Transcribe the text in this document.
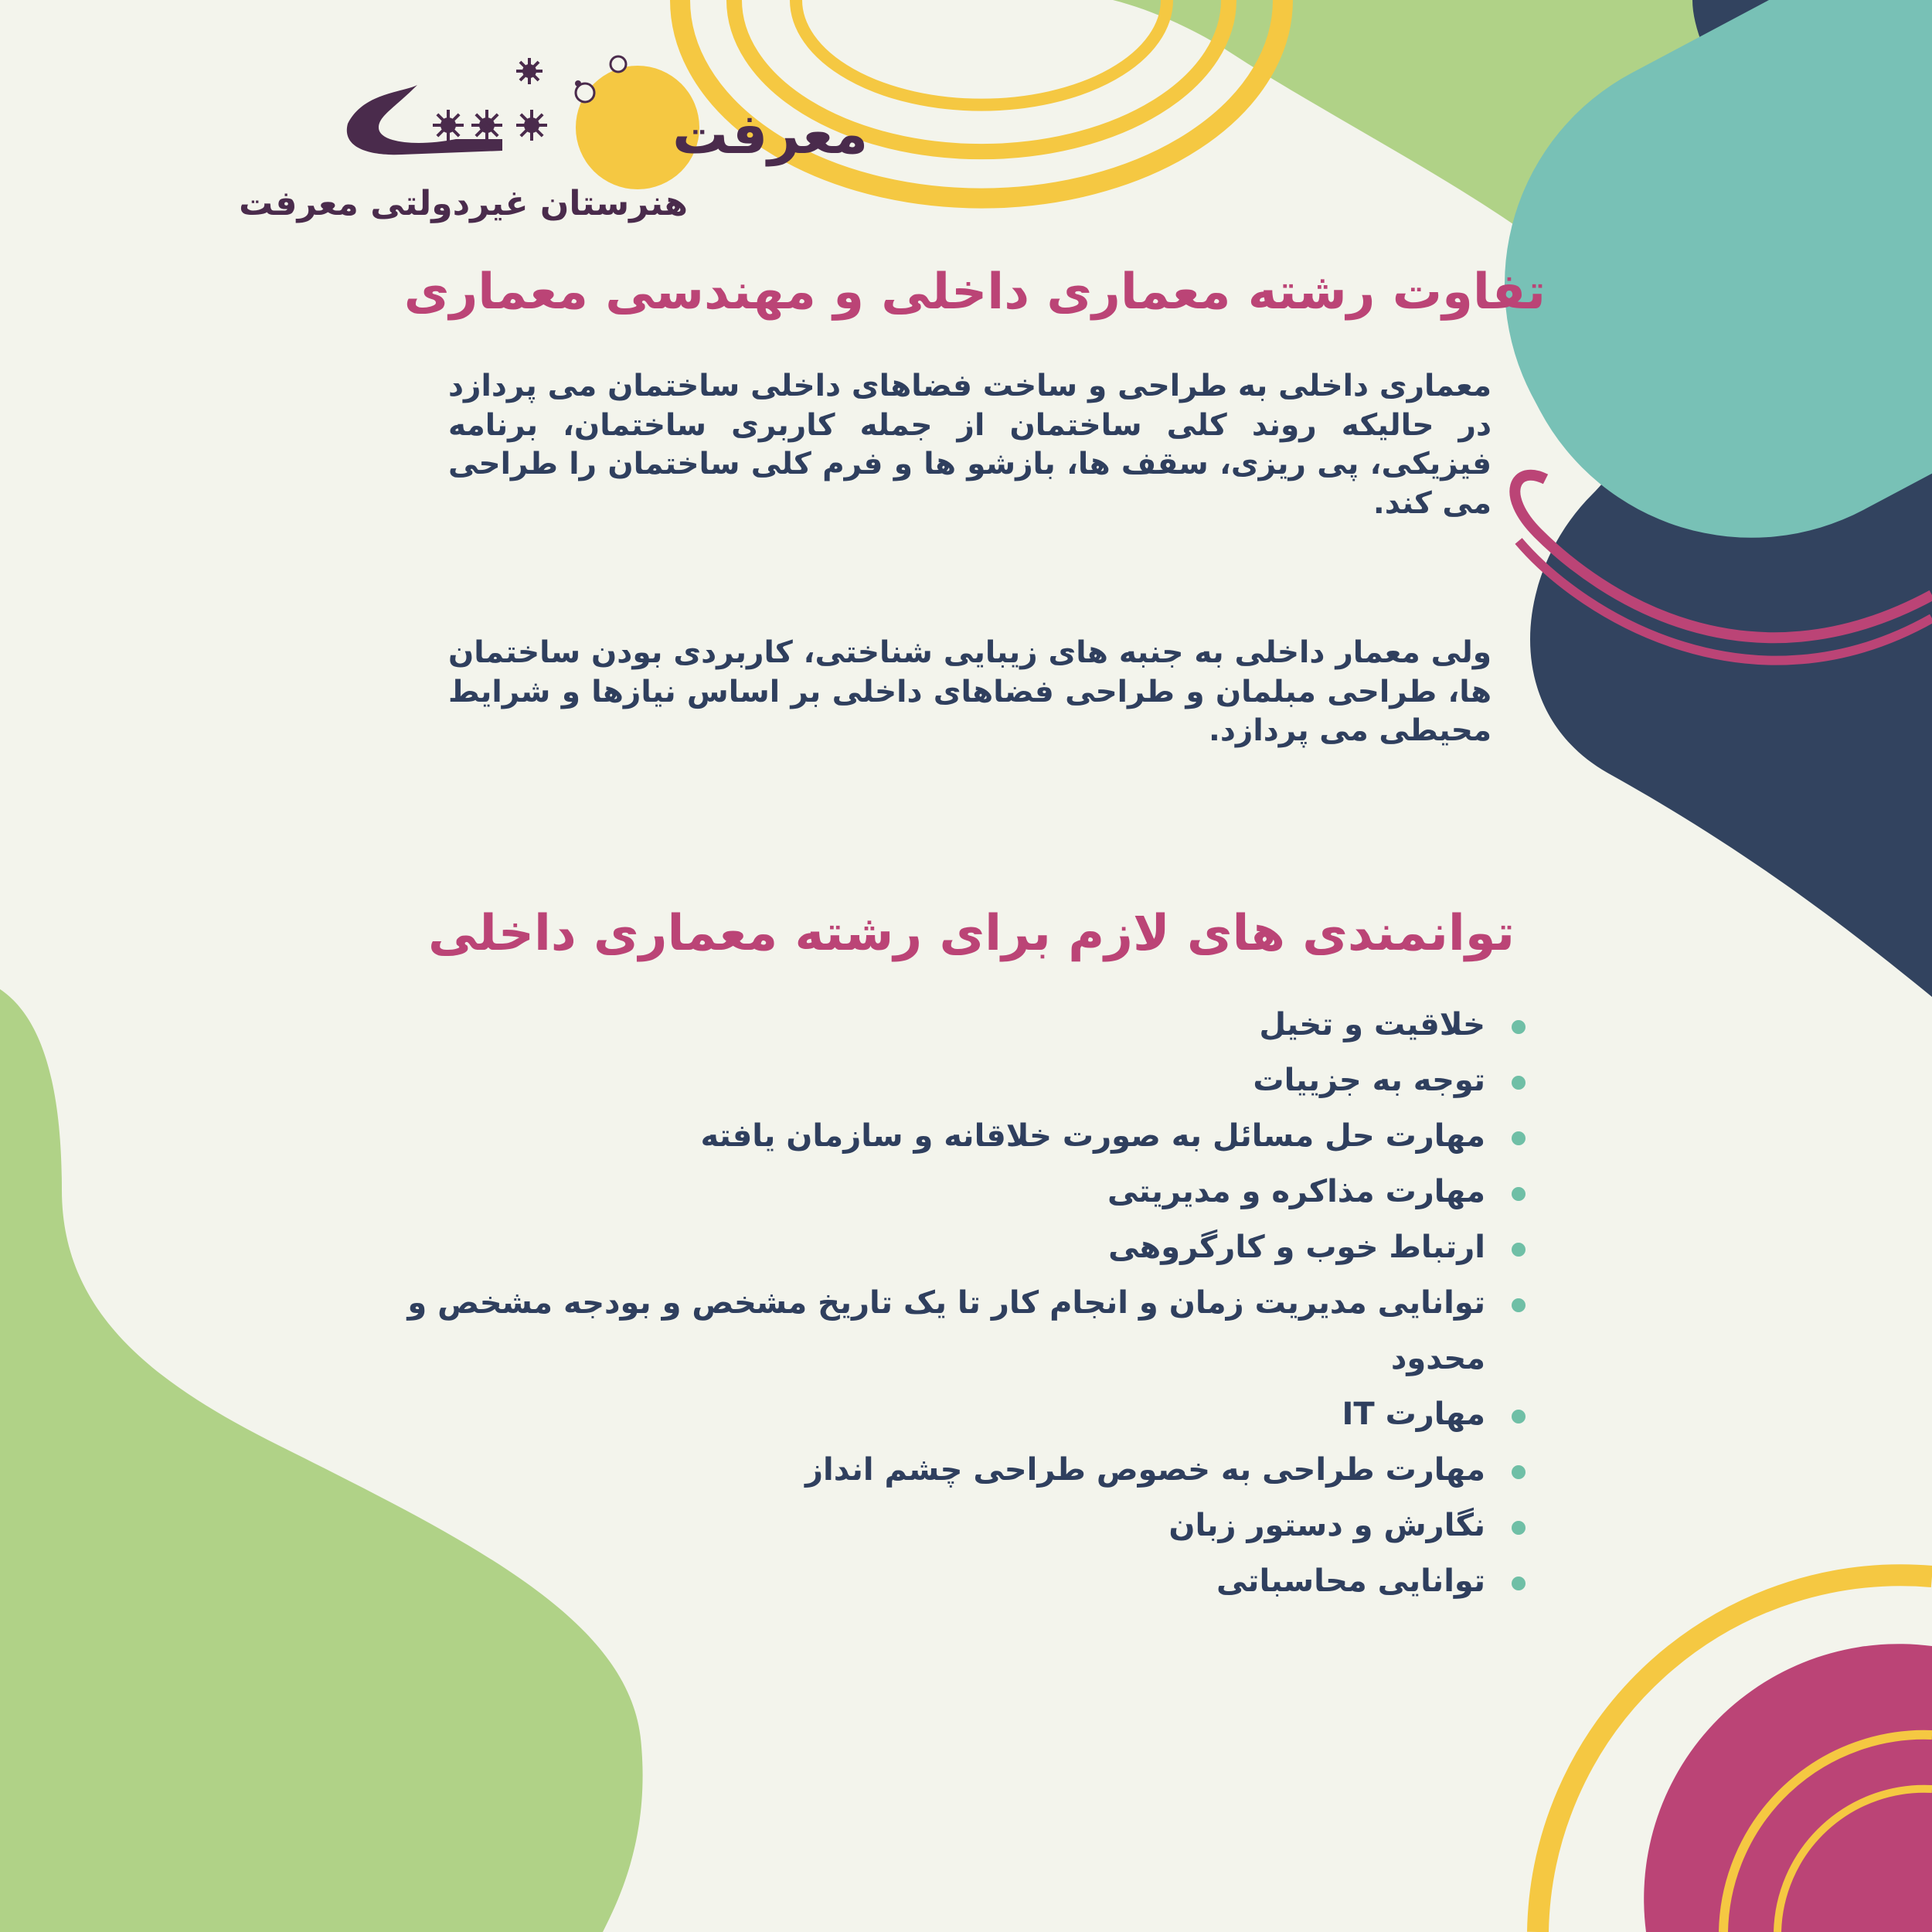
معرفت
هنرستان غیردولتی معرفت
تفاوت رشته معماری داخلی و مهندسی معماری

معماری داخلی به طراحی و ساخت فضاهای داخلی ساختمان می پردازد در حالیکه روند کلی ساختمان از جمله کاربری ساختمان، برنامه فیزیکی، پی ریزی، سقف ها، بازشو ها و فرم کلی ساختمان را طراحی می کند.

ولی معمار داخلی به جنبه های زیبایی شناختی، کاربردی بودن ساختمان ها، طراحی مبلمان و طراحی فضاهای داخلی بر اساس نیازها و شرایط محیطی می پردازد.

توانمندی های لازم برای رشته معماری داخلی
خلاقیت و تخیل
توجه به جزییات
مهارت حل مسائل به صورت خلاقانه و سازمان یافته
مهارت مذاکره و مدیریتی
ارتباط خوب و کارگروهی
توانایی مدیریت زمان و انجام کار تا یک تاریخ مشخص و بودجه مشخص و محدود
مهارت IT
مهارت طراحی به خصوص طراحی چشم انداز
نگارش و دستور زبان
توانایی محاسباتی
